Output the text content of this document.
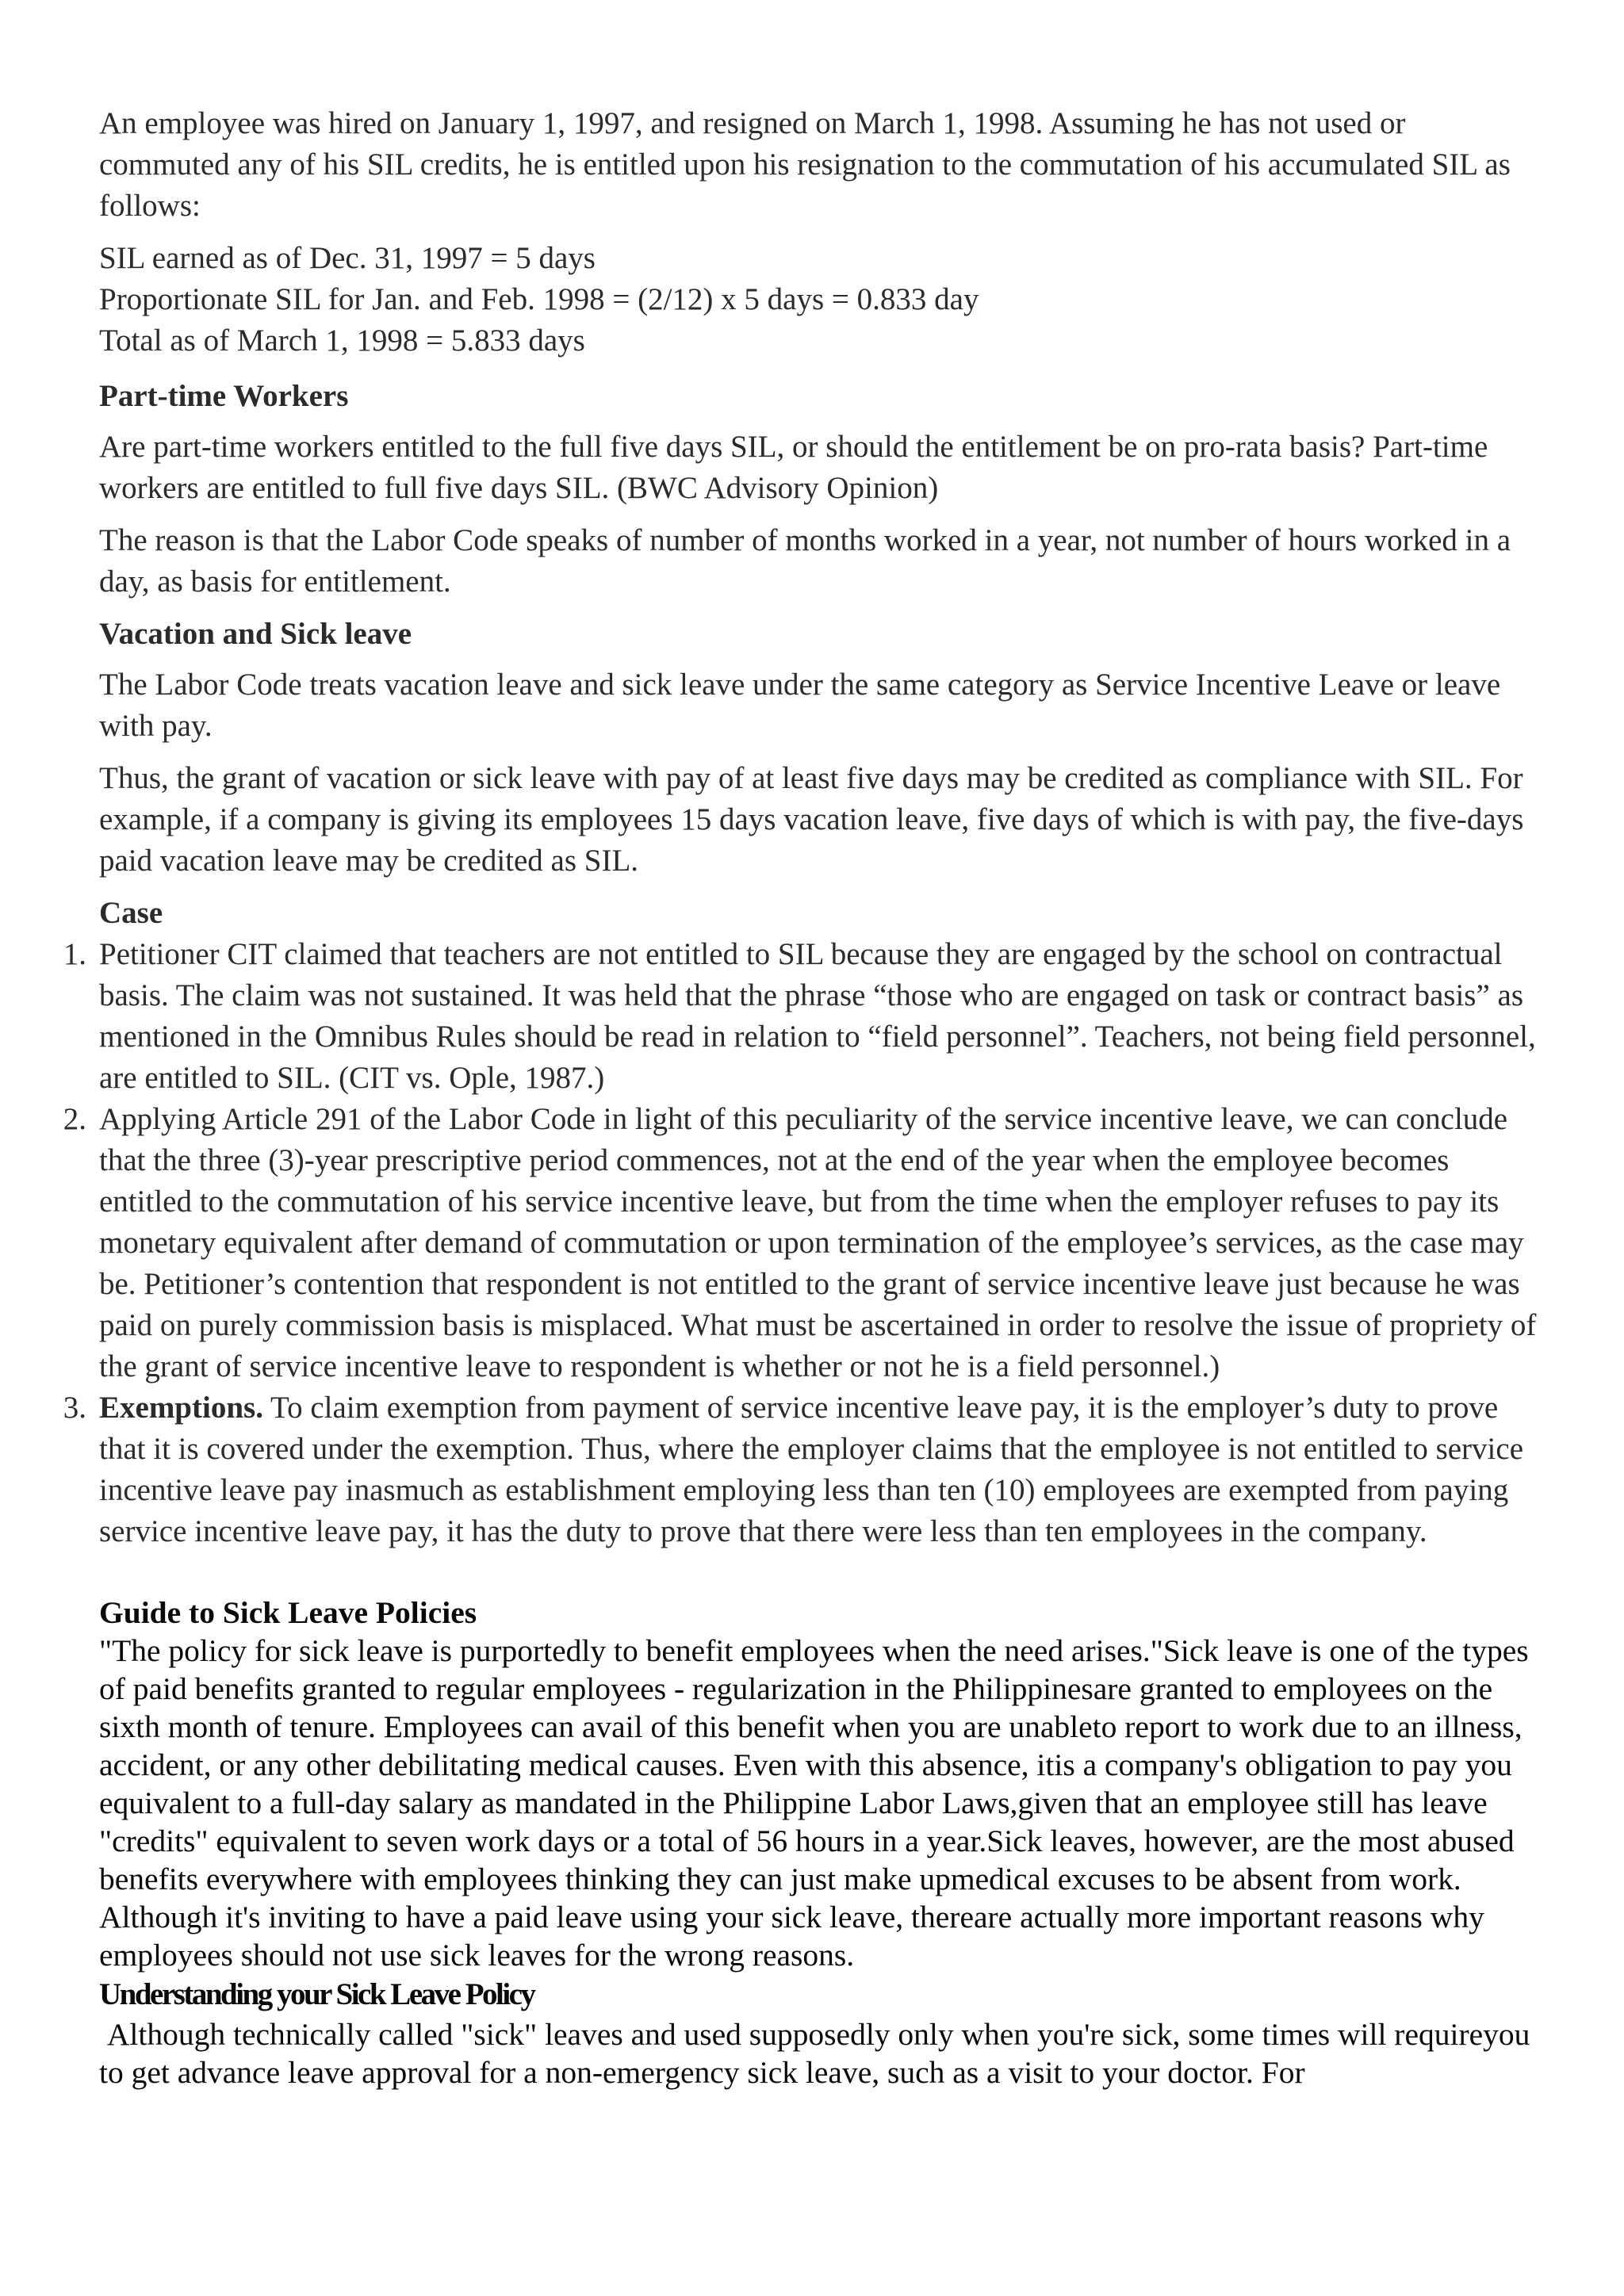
An employee was hired on January 1, 1997, and resigned on March 1, 1998. Assuming he has not used or commuted any of his SIL credits, he is entitled upon his resignation to the commutation of his accumulated SIL as follows:

SIL earned as of Dec. 31, 1997 = 5 days
Proportionate SIL for Jan. and Feb. 1998 = (2/12) x 5 days = 0.833 day
Total as of March 1, 1998 = 5.833 days
Part-time Workers

Are part-time workers entitled to the full five days SIL, or should the entitlement be on pro-rata basis? Part-time workers are entitled to full five days SIL. (BWC Advisory Opinion)

The reason is that the Labor Code speaks of number of months worked in a year, not number of hours worked in a day, as basis for entitlement.

Vacation and Sick leave

The Labor Code treats vacation leave and sick leave under the same category as Service Incentive Leave or leave with pay.

Thus, the grant of vacation or sick leave with pay of at least five days may be credited as compliance with SIL. For example, if a company is giving its employees 15 days vacation leave, five days of which is with pay, the five-days paid vacation leave may be credited as SIL.

Case
1. Petitioner CIT claimed that teachers are not entitled to SIL because they are engaged by the school on contractual basis. The claim was not sustained. It was held that the phrase “those who are engaged on task or contract basis” as mentioned in the Omnibus Rules should be read in relation to “field personnel”. Teachers, not being field personnel, are entitled to SIL. (CIT vs. Ople, 1987.)
2. Applying Article 291 of the Labor Code in light of this peculiarity of the service incentive leave, we can conclude that the three (3)-year prescriptive period commences, not at the end of the year when the employee becomes entitled to the commutation of his service incentive leave, but from the time when the employer refuses to pay its monetary equivalent after demand of commutation or upon termination of the employee’s services, as the case may be. Petitioner’s contention that respondent is not entitled to the grant of service incentive leave just because he was paid on purely commission basis is misplaced. What must be ascertained in order to resolve the issue of propriety of the grant of service incentive leave to respondent is whether or not he is a field personnel.)
3. Exemptions. To claim exemption from payment of service incentive leave pay, it is the employer’s duty to prove that it is covered under the exemption. Thus, where the employer claims that the employee is not entitled to service incentive leave pay inasmuch as establishment employing less than ten (10) employees are exempted from paying service incentive leave pay, it has the duty to prove that there were less than ten employees in the company.
Guide to Sick Leave Policies

"The policy for sick leave is purportedly to benefit employees when the need arises."Sick leave is one of the types of paid benefits granted to regular employees - regularization in the Philippinesare granted to employees on the sixth month of tenure. Employees can avail of this benefit when you are unableto report to work due to an illness, accident, or any other debilitating medical causes. Even with this absence, itis a company's obligation to pay you equivalent to a full-day salary as mandated in the Philippine Labor Laws,given that an employee still has leave "credits" equivalent to seven work days or a total of 56 hours in a year.Sick leaves, however, are the most abused benefits everywhere with employees thinking they can just make upmedical excuses to be absent from work. Although it's inviting to have a paid leave using your sick leave, thereare actually more important reasons why employees should not use sick leaves for the wrong reasons.

Understanding your Sick Leave Policy

Although technically called "sick" leaves and used supposedly only when you're sick, some times will requireyou to get advance leave approval for a non-emergency sick leave, such as a visit to your doctor. For
